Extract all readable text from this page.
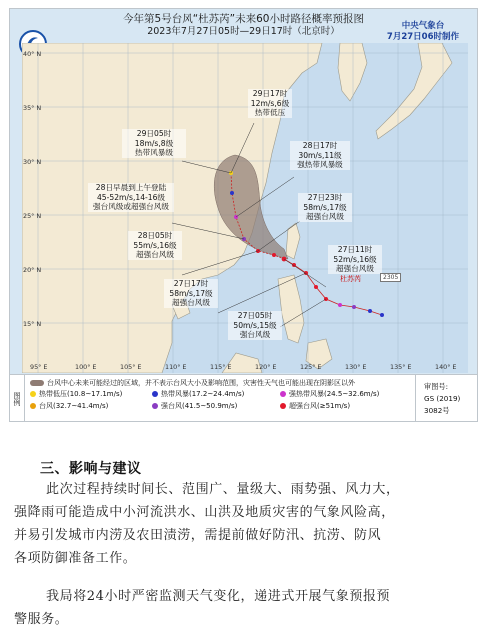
今年第5号台风“杜苏芮”未来60小时路径概率预报图
2023年7月27日05时—29日17时（北京时）	中央气象台
7月27日06时制作
95° E	100° E	105° E	110° E	115° E	120° E	125° E	130° E	135° E	140° E
40° N
35° N
30° N
25° N
20° N
15° N
29日17时
12m/s,6级
热带低压
29日05时
18m/s,8级
热带风暴级
28日17时
30m/s,11级
强热带风暴级
28日早晨到上午登陆
45-52m/s,14-16级
强台风级或超强台风级
27日23时
58m/s,17级
超强台风级
28日05时
55m/s,16级
超强台风级
27日11时
52m/s,16级
超强台风级
27日17时
58m/s,17级
超强台风级
27日05时
50m/s,15级
强台风级
杜苏芮	2305
图例
台风中心未来可能经过的区域，并不表示台风大小及影响范围，灾害性天气也可能出现在阴影区以外
热带低压(10.8~17.1m/s)	热带风暴(17.2~24.4m/s)	强热带风暴(24.5~32.6m/s)
台风(32.7~41.4m/s)	强台风(41.5~50.9m/s)	超强台风(≥51m/s)
审图号:
GS (2019) 3082号
三、影响与建议
此次过程持续时间长、范围广、量级大、雨势强、风力大，
强降雨可能造成中小河流洪水、山洪及地质灾害的气象风险高，
并易引发城市内涝及农田渍涝，需提前做好防汛、抗涝、防风
各项防御准备工作。
我局将24小时严密监测天气变化，递进式开展气象预报预
警服务。
